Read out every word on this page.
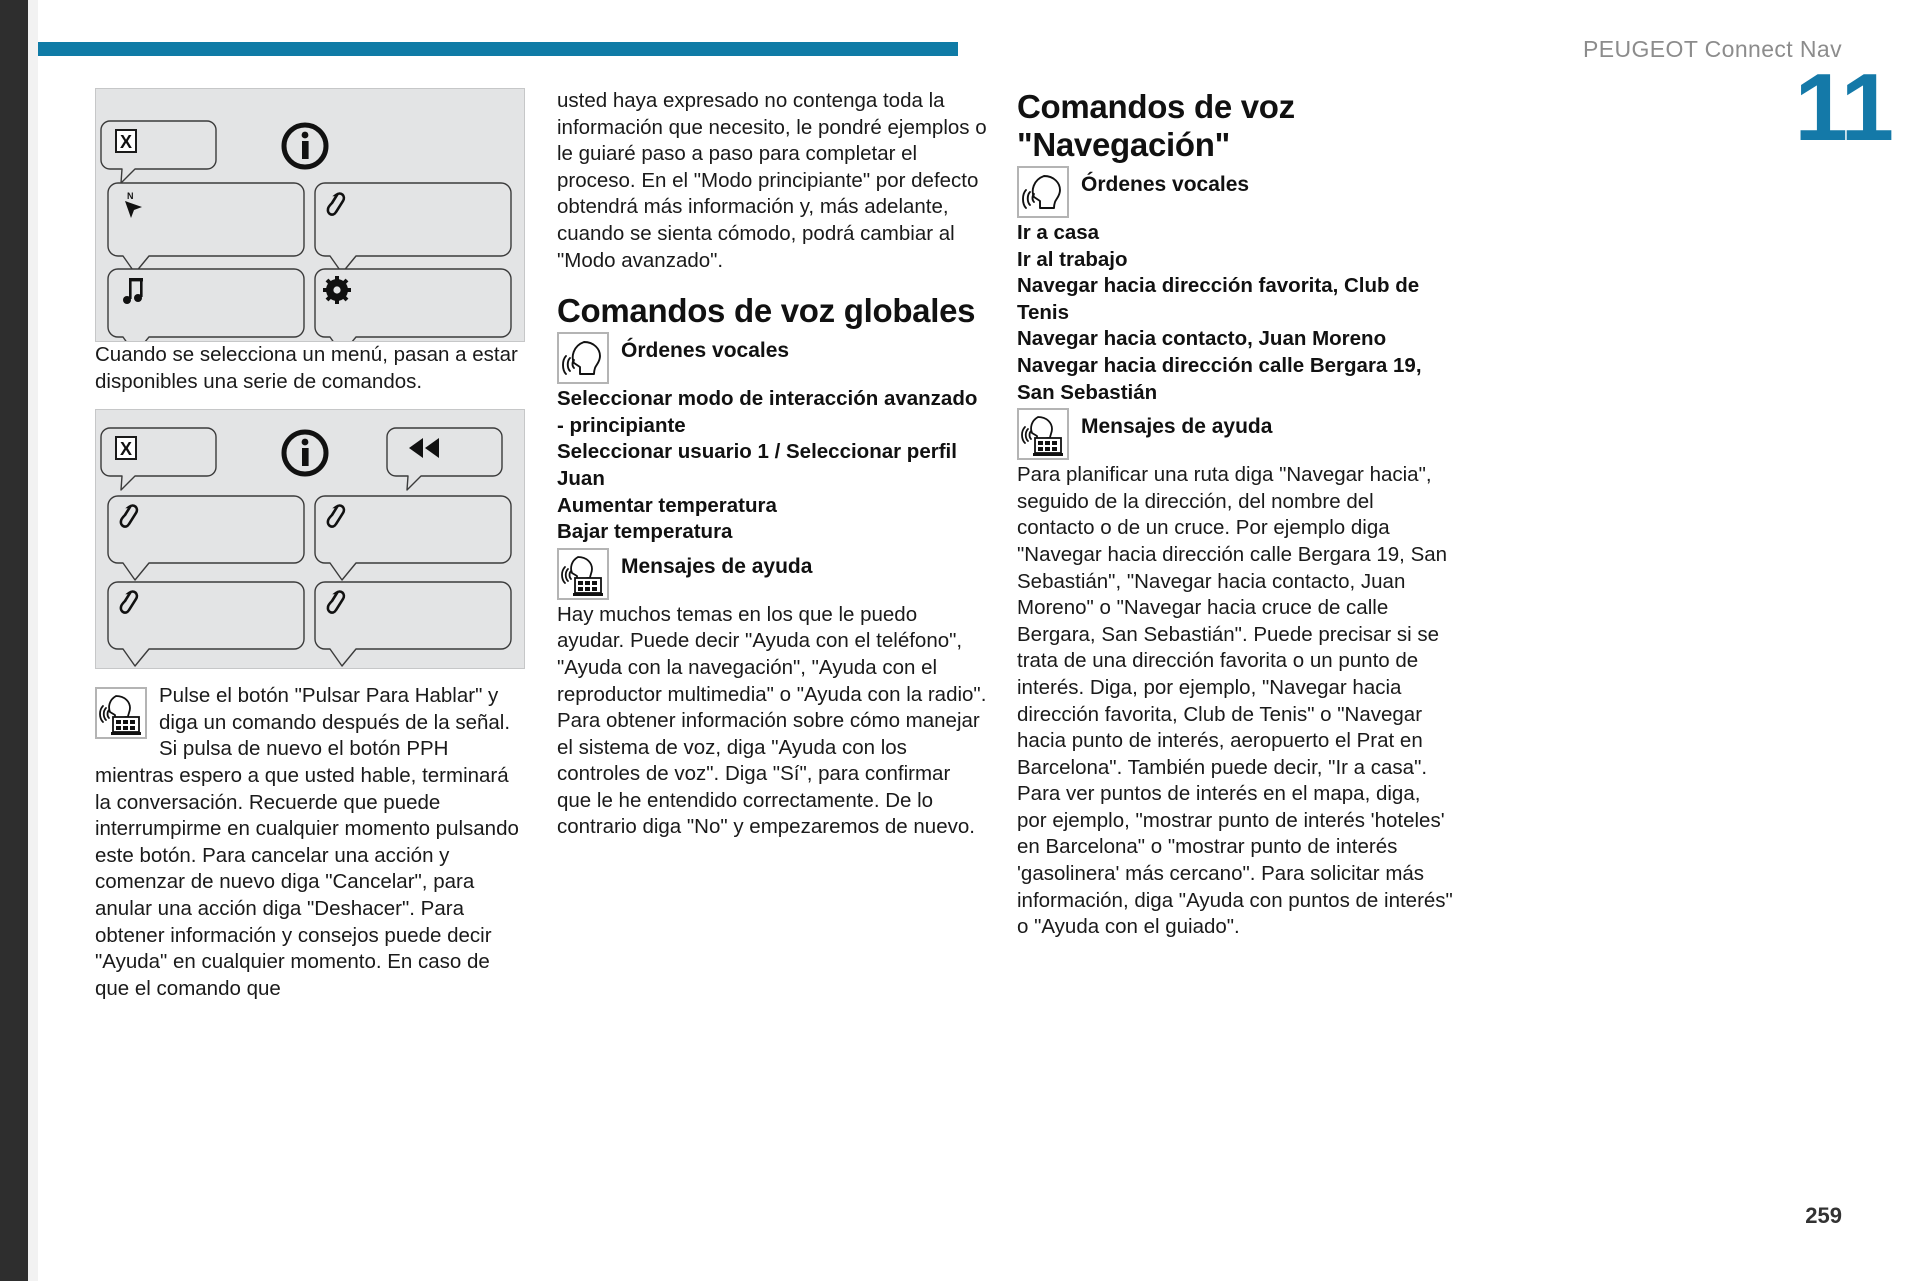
PEUGEOT Connect Nav
11
259
X
N

Cuando se selecciona un menú, pasan a estar disponibles una serie de comandos.

X

Pulse el botón "Pulsar Para Hablar" y diga un comando después de la señal. Si pulsa de nuevo el botón PPH mientras espero a que usted hable, terminará la conversación. Recuerde que puede interrumpirme en cualquier momento pulsando este botón. Para cancelar una acción y comenzar de nuevo diga "Cancelar", para anular una acción diga "Deshacer". Para obtener información y consejos puede decir "Ayuda" en cualquier momento. En caso de que el comando que

usted haya expresado no contenga toda la información que necesito, le pondré ejemplos o le guiaré paso a paso para completar el proceso. En el "Modo principiante" por defecto obtendrá más información y, más adelante, cuando se sienta cómodo, podrá cambiar al "Modo avanzado".

Comandos de voz globales
Órdenes vocales

Seleccionar modo de interacción avanzado - principiante

Seleccionar usuario 1 / Seleccionar perfil Juan

Aumentar temperatura

Bajar temperatura

Mensajes de ayuda

Hay muchos temas en los que le puedo ayudar. Puede decir "Ayuda con el teléfono", "Ayuda con la navegación", "Ayuda con el reproductor multimedia" o "Ayuda con la radio". Para obtener información sobre cómo manejar el sistema de voz, diga "Ayuda con los controles de voz". Diga "Sí", para confirmar que le he entendido correctamente. De lo contrario diga "No" y empezaremos de nuevo.

Comandos de voz
"Navegación"
Órdenes vocales

Ir a casa

Ir al trabajo

Navegar hacia dirección favorita, Club de Tenis

Navegar hacia contacto, Juan Moreno

Navegar hacia dirección calle Bergara 19, San Sebastián

Mensajes de ayuda

Para planificar una ruta diga "Navegar hacia", seguido de la dirección, del nombre del contacto o de un cruce. Por ejemplo diga "Navegar hacia dirección calle Bergara 19, San Sebastián", "Navegar hacia contacto, Juan Moreno" o "Navegar hacia cruce de calle Bergara, San Sebastián". Puede precisar si se trata de una dirección favorita o un punto de interés. Diga, por ejemplo, "Navegar hacia dirección favorita, Club de Tenis" o "Navegar hacia punto de interés, aeropuerto el Prat en Barcelona". También puede decir, "Ir a casa". Para ver puntos de interés en el mapa, diga, por ejemplo, "mostrar punto de interés 'hoteles' en Barcelona" o "mostrar punto de interés 'gasolinera' más cercano". Para solicitar más información, diga "Ayuda con puntos de interés" o "Ayuda con el guiado".
